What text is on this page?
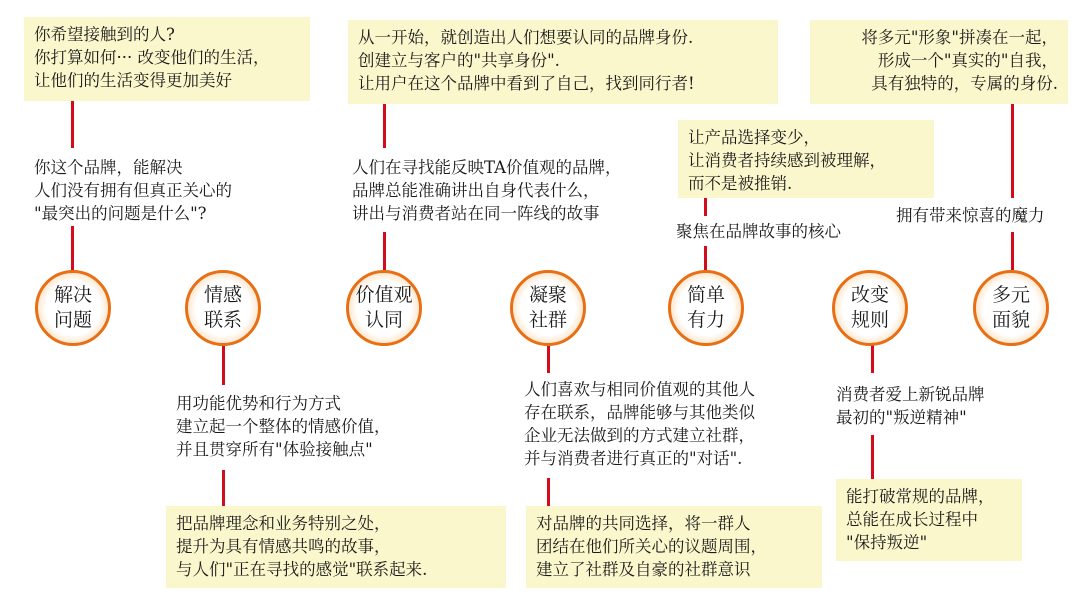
你希望接触到的人?
你打算如何··· 改变他们的生活，
让他们的生活变得更加美好
从一开始，就创造出人们想要认同的品牌身份.
创建立与客户的"共享身份".
让用户在这个品牌中看到了自己，找到同行者!
将多元"形象"拼凑在一起，
形成一个"真实的"自我，
具有独特的，专属的身份.
你这个品牌，能解决
人们没有拥有但真正关心的
"最突出的问题是什么"?
人们在寻找能反映TA价值观的品牌，
品牌总能准确讲出自身代表什么，
讲出与消费者站在同一阵线的故事
让产品选择变少，
让消费者持续感到被理解，
而不是被推销.
聚焦在品牌故事的核心
拥有带来惊喜的魔力
解决
问题
情感
联系
价值观
认同
凝聚
社群
简单
有力
改变
规则
多元
面貌
用功能优势和行为方式
建立起一个整体的情感价值，
并且贯穿所有"体验接触点"
人们喜欢与相同价值观的其他人
存在联系，品牌能够与其他类似
企业无法做到的方式建立社群，
并与消费者进行真正的"对话".
消费者爱上新锐品牌
最初的"叛逆精神"
把品牌理念和业务特别之处，
提升为具有情感共鸣的故事，
与人们"正在寻找的感觉"联系起来.
对品牌的共同选择，将一群人
团结在他们所关心的议题周围，
建立了社群及自豪的社群意识
能打破常规的品牌，
总能在成长过程中
"保持叛逆"
